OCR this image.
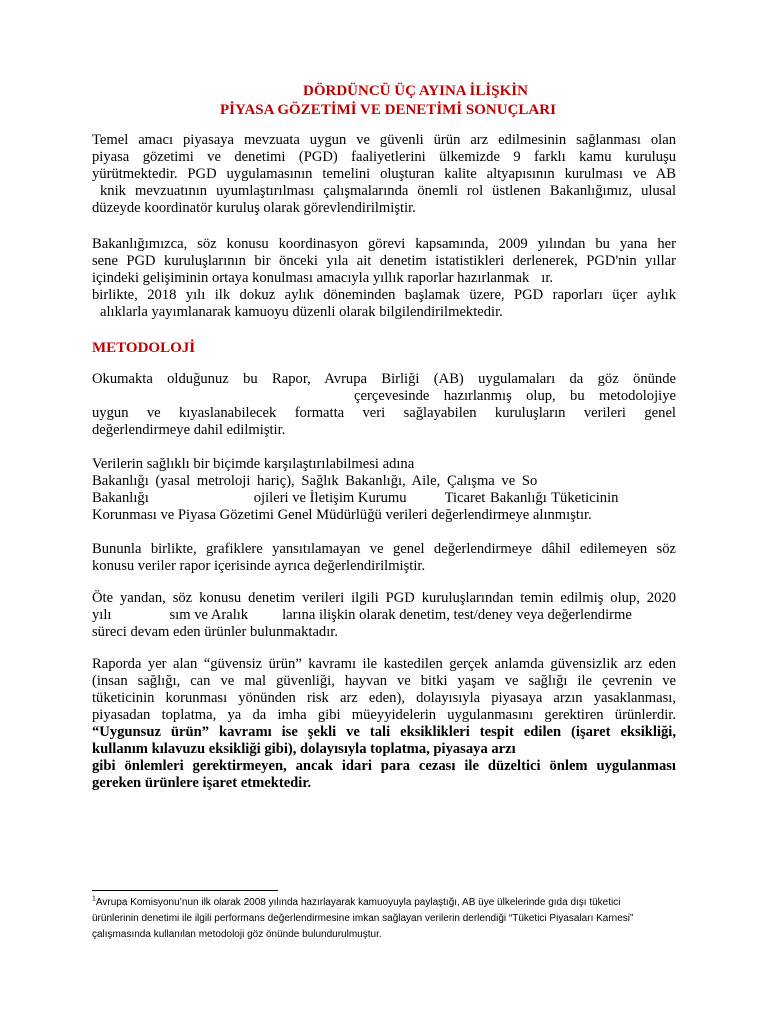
DÖRDÜNCÜ ÜÇ AYINA İLİŞKİN
PİYASA GÖZETİMİ VE DENETİMİ SONUÇLARI
Temel amacı piyasaya mevzuata uygun ve güvenli ürün arz edilmesinin sağlanması olan
piyasa gözetimi ve denetimi (PGD) faaliyetlerini ülkemizde 9 farklı kamu kuruluşu
yürütmektedir. PGD uygulamasının temelini oluşturan kalite altyapısının kurulması ve AB
knik mevzuatının uyumlaştırılması çalışmalarında önemli rol üstlenen Bakanlığımız, ulusal
düzeyde koordinatör kuruluş olarak görevlendirilmiştir.
Bakanlığımızca, söz konusu koordinasyon görevi kapsamında, 2009 yılından bu yana her
sene PGD kuruluşlarının bir önceki yıla ait denetim istatistikleri derlenerek, PGD'nin yıllar
içindeki gelişiminin ortaya konulması amacıyla yıllık raporlar hazırlanmak ır.
birlikte, 2018 yılı ilk dokuz aylık döneminden başlamak üzere, PGD raporları üçer aylık
alıklarla yayımlanarak kamuoyu düzenli olarak bilgilendirilmektedir.
METODOLOJİ
Okumakta olduğunuz bu Rapor, Avrupa Birliği (AB) uygulamaları da göz önünde
çerçevesinde hazırlanmış olup, bu metodolojiye
uygun ve kıyaslanabilecek formatta veri sağlayabilen kuruluşların verileri genel
değerlendirmeye dahil edilmiştir.
Verilerin sağlıklı bir biçimde karşılaştırılabilmesi adına
Bakanlığı (yasal metroloji hariç), Sağlık Bakanlığı, Aile, Çalışma ve So
Bakanlığı	ojileri ve İletişim Kurumu	Ticaret Bakanlığı Tüketicinin
Korunması ve Piyasa Gözetimi Genel Müdürlüğü verileri değerlendirmeye alınmıştır.
Bununla birlikte, grafiklere yansıtılamayan ve genel değerlendirmeye dâhil edilemeyen söz
konusu veriler rapor içerisinde ayrıca değerlendirilmiştir.
Öte yandan, söz konusu denetim verileri ilgili PGD kuruluşlarından temin edilmiş olup, 2020
yılı	sım ve Aralık larına ilişkin olarak denetim, test/deney veya değerlendirme
süreci devam eden ürünler bulunmaktadır.
Raporda yer alan “güvensiz ürün” kavramı ile kastedilen gerçek anlamda güvensizlik arz eden
(insan sağlığı, can ve mal güvenliği, hayvan ve bitki yaşam ve sağlığı ile çevrenin ve
tüketicinin korunması yönünden risk arz eden), dolayısıyla piyasaya arzın yasaklanması,
piyasadan toplatma, ya da imha gibi müeyyidelerin uygulanmasını gerektiren ürünlerdir.
“Uygunsuz ürün” kavramı ise şekli ve tali eksiklikleri tespit edilen (işaret eksikliği,
kullanım kılavuzu eksikliği gibi), dolayısıyla toplatma, piyasaya arzı
gibi önlemleri gerektirmeyen, ancak idari para cezası ile düzeltici önlem uygulanması
gereken ürünlere işaret etmektedir.
$^1$Avrupa Komisyonu’nun ilk olarak 2008 yılında hazırlayarak kamuoyuyla paylaştığı, AB üye ülkelerinde gıda dışı tüketici
ürünlerinin denetimi ile ilgili performans değerlendirmesine imkan sağlayan verilerin derlendiği “Tüketici Piyasaları Karnesi”
çalışmasında kullanılan metodoloji göz önünde bulundurulmuştur.
